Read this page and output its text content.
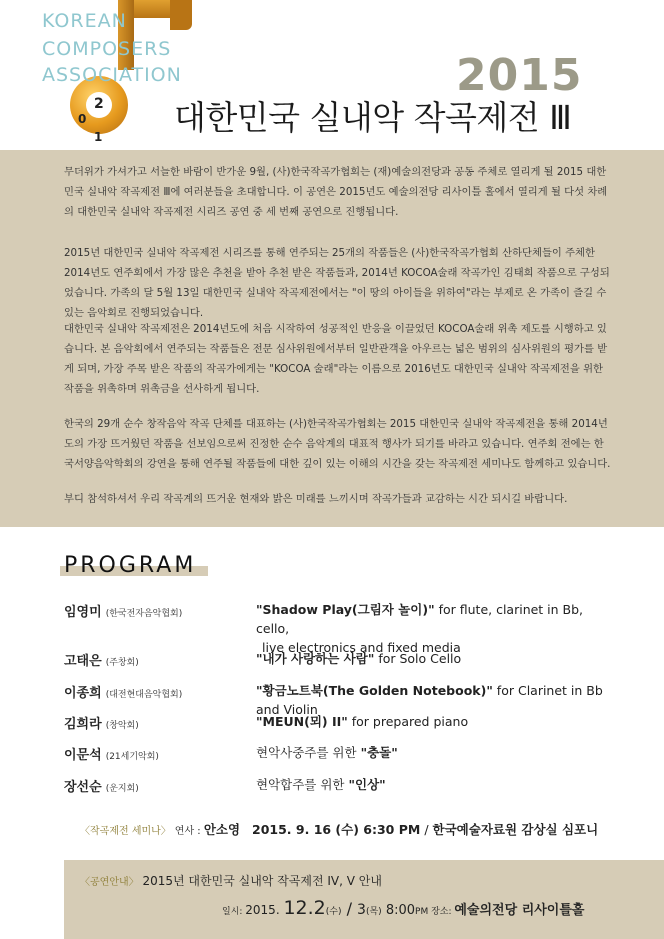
KOREAN
COMPOSERS
ASSOCIATION
2
0
1
2015
대한민국 실내악 작곡제전 Ⅲ
무더위가 가셔가고 서늘한 바람이 반가운 9월, (사)한국작곡가협회는 (재)예술의전당과 공동 주체로 열리게 될 2015 대한민국 실내악 작곡제전 Ⅲ에 여러분들을 초대합니다. 이 공연은 2015년도 예술의전당 리사이틀 홀에서 열리게 될 다섯 차례의 대한민국 실내악 작곡제전 시리즈 공연 중 세 번째 공연으로 진행됩니다.
2015년 대한민국 실내악 작곡제전 시리즈를 통해 연주되는 25개의 작품들은 (사)한국작곡가협회 산하단체들이 주체한 2014년도 연주회에서 가장 많은 추천을 받아 추천 받은 작품들과, 2014년 KOCOA술래 작곡가인 김태희 작품으로 구성되었습니다. 가족의 달 5월 13일 대한민국 실내악 작곡제전에서는 "이 땅의 아이들을 위하여"라는 부제로 온 가족이 즐길 수 있는 음악회로 진행되었습니다.
대한민국 실내악 작곡제전은 2014년도에 처음 시작하여 성공적인 반응을 이끌었던 KOCOA술래 위촉 제도를 시행하고 있습니다. 본 음악회에서 연주되는 작품들은 전문 심사위원에서부터 일반관객을 아우르는 넓은 범위의 심사위원의 평가를 받게 되며, 가장 주목 받은 작품의 작곡가에게는 "KOCOA 술래"라는 이름으로 2016년도 대한민국 실내악 작곡제전을 위한 작품을 위촉하며 위촉금을 선사하게 됩니다.
한국의 29개 순수 창작음악 작곡 단체를 대표하는 (사)한국작곡가협회는 2015 대한민국 실내악 작곡제전을 통해 2014년도의 가장 뜨거웠던 작품을 선보임으로써 진정한 순수 음악계의 대표적 행사가 되기를 바라고 있습니다. 연주회 전에는 한국서양음악학회의 강연을 통해 연주될 작품들에 대한 깊이 있는 이해의 시간을 갖는 작곡제전 세미나도 함께하고 있습니다.
부디 참석하셔서 우리 작곡계의 뜨거운 현재와 밝은 미래를 느끼시며 작곡가들과 교감하는 시간 되시길 바랍니다.
PROGRAM
임영미 (한국전자음악협회)	"Shadow Play(그림자 놀이)" for flute, clarinet in Bb, cello,
live electronics and fixed media
고태은 (주창회)	"내가 사랑하는 사람" for Solo Cello
이종희 (대전현대음악협회)	"황금노트북(The Golden Notebook)" for Clarinet in Bb and Violin
김희라 (창악회)	"MEUN(뫼) II" for prepared piano
이문석 (21세기악회)	현악사중주를 위한 "충돌"
장선순 (운지회)	현악합주를 위한 "인상"
〈작곡제전 세미나〉 연사 : 안소영 2015. 9. 16 (수) 6:30 PM / 한국예술자료원 감상실 심포니
〈공연안내〉 2015년 대한민국 실내악 작곡제전 IV, V 안내
일시: 2015. 12.2(수) / 3(목) 8:00PM 장소: 예술의전당 리사이틀홀
